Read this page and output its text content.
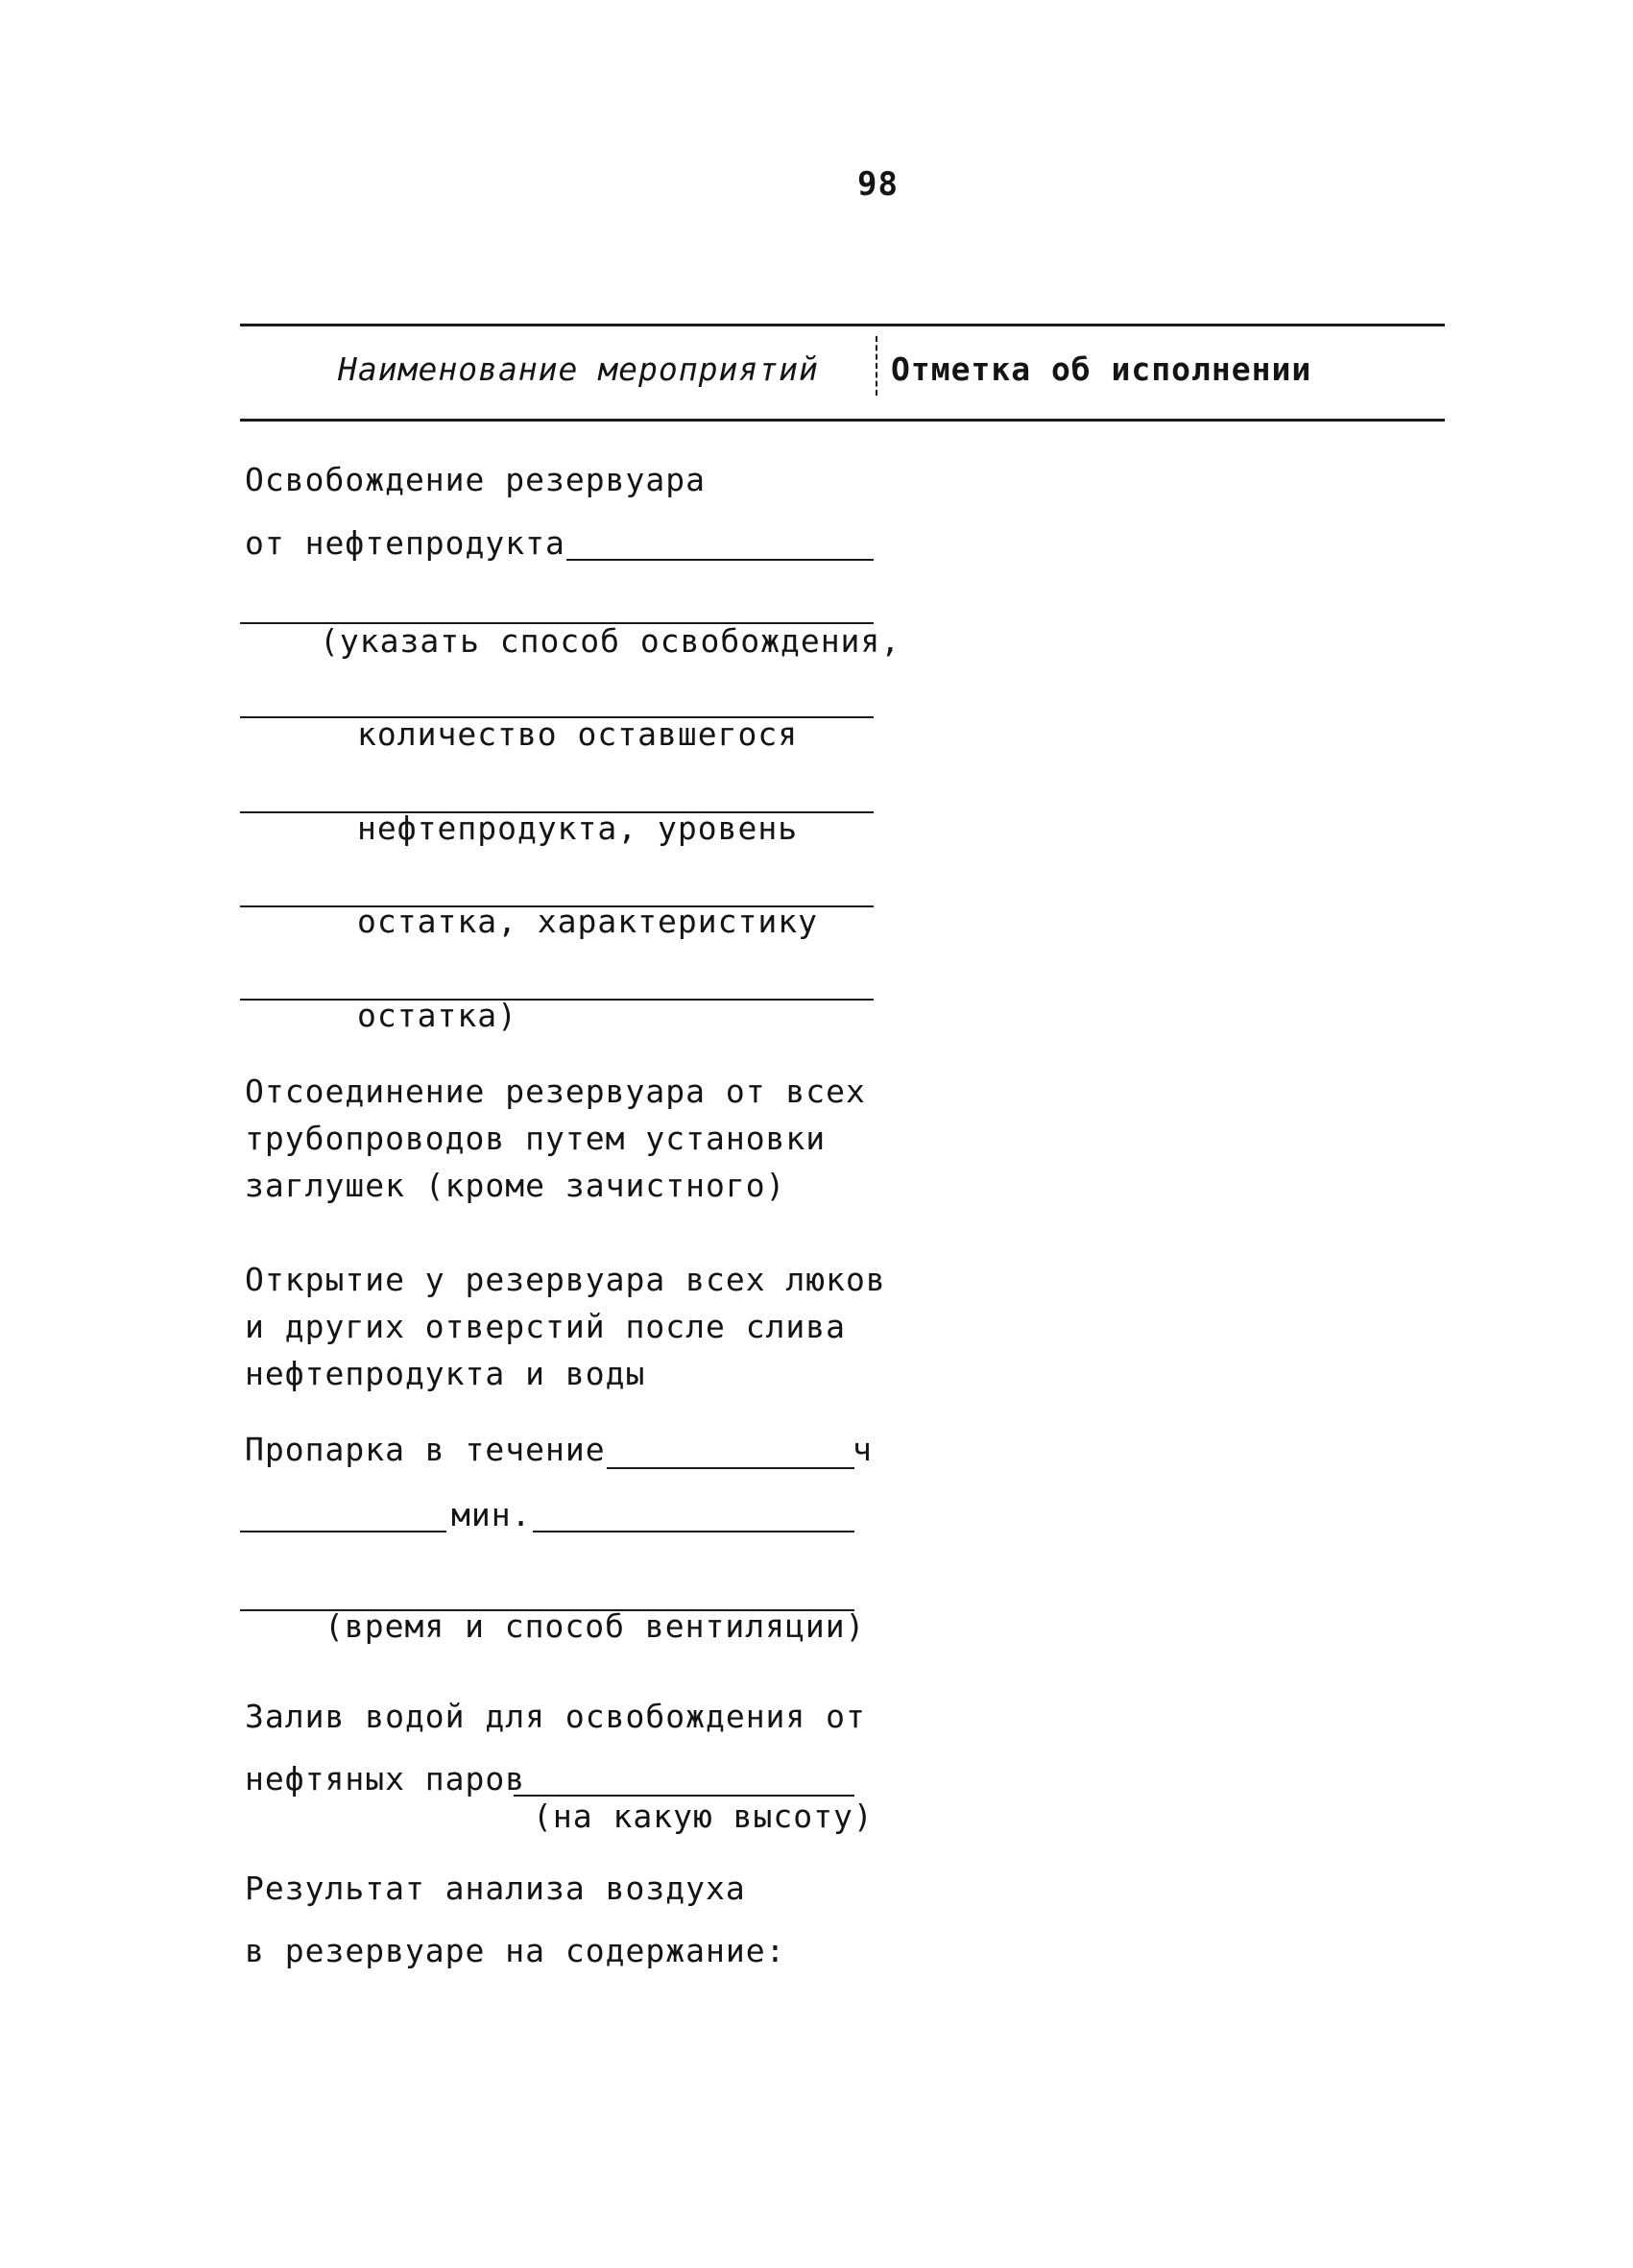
98
Наименование мероприятий Отметка об исполнении
Освобождение резервуара
от нефтепродукта
(указать способ освобождения,
количество оставшегося
нефтепродукта, уровень
остатка, характеристику
остатка)
Отсоединение резервуара от всех
трубопроводов путем установки
заглушек (кроме зачистного)
Открытие у резервуара всех люков
и других отверстий после слива
нефтепродукта и воды
Пропарка в течение	ч
мин.
(время и способ вентиляции)
Залив водой для освобождения от
нефтяных паров
(на какую высоту)
Результат анализа воздуха
в резервуаре на содержание:
